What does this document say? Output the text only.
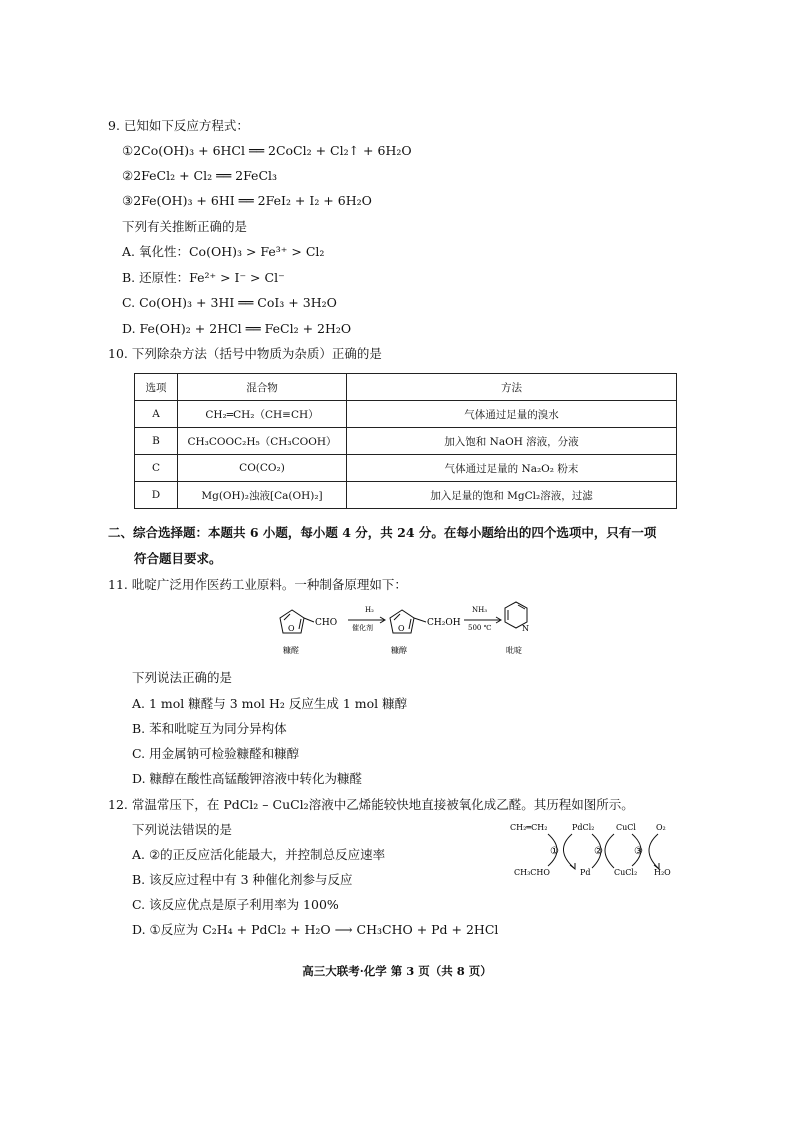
9. 已知如下反应方程式：
①2Co(OH)₃ + 6HCl ══ 2CoCl₂ + Cl₂↑ + 6H₂O
②2FeCl₂ + Cl₂ ══ 2FeCl₃
③2Fe(OH)₃ + 6HI ══ 2FeI₂ + I₂ + 6H₂O
下列有关推断正确的是
A. 氧化性：Co(OH)₃ > Fe³⁺ > Cl₂
B. 还原性：Fe²⁺ > I⁻ > Cl⁻
C. Co(OH)₃ + 3HI ══ CoI₃ + 3H₂O
D. Fe(OH)₂ + 2HCl ══ FeCl₂ + 2H₂O
10. 下列除杂方法（括号中物质为杂质）正确的是
选项	混合物	方法
A	CH₂═CH₂（CH≡CH）	气体通过足量的溴水
B	CH₃COOC₂H₅（CH₃COOH）	加入饱和 NaOH 溶液，分液
C	CO(CO₂)	气体通过足量的 Na₂O₂ 粉末
D	Mg(OH)₂浊液[Ca(OH)₂]	加入足量的饱和 MgCl₂溶液，过滤
二、综合选择题：本题共 6 小题，每小题 4 分，共 24 分。在每小题给出的四个选项中，只有一项
符合题目要求。
11. 吡啶广泛用作医药工业原料。一种制备原理如下：
O
CHO
H₂
催化剂	O
CH₂OH
NH₃
500 ℃	N
糠醛	糠醇	吡啶
下列说法正确的是
A. 1 mol 糠醛与 3 mol H₂ 反应生成 1 mol 糠醇
B. 苯和吡啶互为同分异构体
C. 用金属钠可检验糠醛和糠醇
D. 糠醇在酸性高锰酸钾溶液中转化为糠醛
12. 常温常压下，在 PdCl₂ – CuCl₂溶液中乙烯能较快地直接被氧化成乙醛。其历程如图所示。
下列说法错误的是
A. ②的正反应活化能最大，并控制总反应速率
B. 该反应过程中有 3 种催化剂参与反应
C. 该反应优点是原子利用率为 100%
D. ①反应为 C₂H₄ + PdCl₂ + H₂O ⟶ CH₃CHO + Pd + 2HCl
CH₂═CH₂	PdCl₂	CuCl	O₂
CH₃CHO	Pd	CuCl₂ H₂O
①	②	③
高三大联考·化学 第 3 页（共 8 页）
